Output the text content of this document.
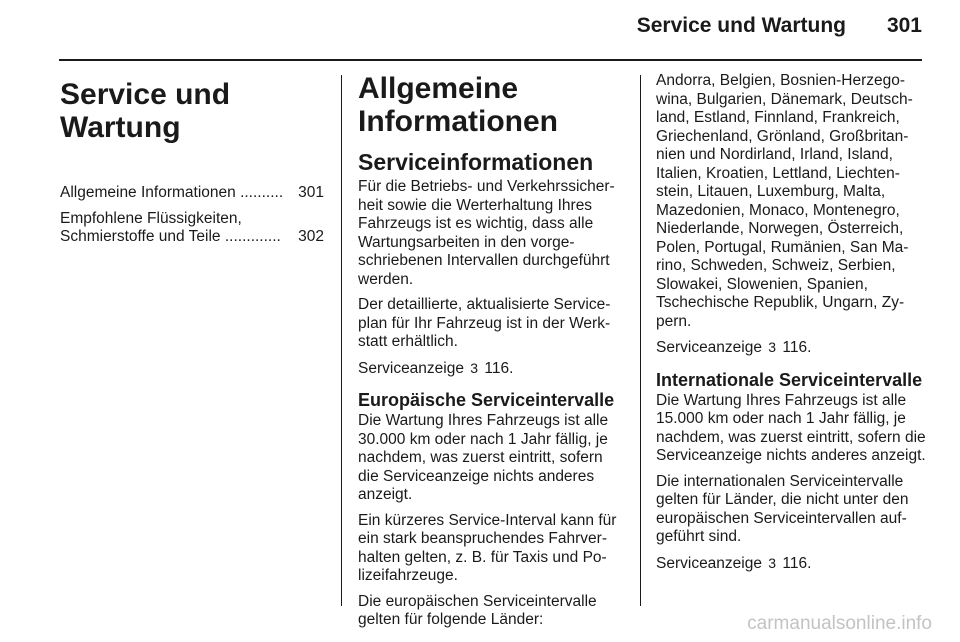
Service und Wartung	301
Service und Wartung
Allgemeine Informationen .......... 301
Empfohlene Flüssigkeiten,
Schmierstoffe und Teile .............	302
Allgemeine
Informationen
Serviceinformationen

Für die Betriebs- und Verkehrssicher-heit sowie die Werterhaltung Ihres Fahrzeugs ist es wichtig, dass alle Wartungsarbeiten in den vorge-schriebenen Intervallen durchgeführt werden.

Der detaillierte, aktualisierte Service-plan für Ihr Fahrzeug ist in der Werk-statt erhältlich.

Serviceanzeige 3 116.

Europäische Serviceintervalle

Die Wartung Ihres Fahrzeugs ist alle 30.000 km oder nach 1 Jahr fällig, je nachdem, was zuerst eintritt, sofern die Serviceanzeige nichts anderes anzeigt.

Ein kürzeres Service-Interval kann für ein stark beanspruchendes Fahrver-halten gelten, z. B. für Taxis und Po-lizeifahrzeuge.

Die europäischen Serviceintervalle gelten für folgende Länder:

Andorra, Belgien, Bosnien-Herzego-wina, Bulgarien, Dänemark, Deutsch-land, Estland, Finnland, Frankreich, Griechenland, Grönland, Großbritan-nien und Nordirland, Irland, Island, Italien, Kroatien, Lettland, Liechten-stein, Litauen, Luxemburg, Malta, Mazedonien, Monaco, Montenegro, Niederlande, Norwegen, Österreich, Polen, Portugal, Rumänien, San Ma-rino, Schweden, Schweiz, Serbien, Slowakei, Slowenien, Spanien, Tschechische Republik, Ungarn, Zy-pern.

Serviceanzeige 3 116.

Internationale Serviceintervalle

Die Wartung Ihres Fahrzeugs ist alle 15.000 km oder nach 1 Jahr fällig, je nachdem, was zuerst eintritt, sofern die Serviceanzeige nichts anderes anzeigt.

Die internationalen Serviceintervalle gelten für Länder, die nicht unter den europäischen Serviceintervallen auf-geführt sind.

Serviceanzeige 3 116.

carmanualsonline.info
